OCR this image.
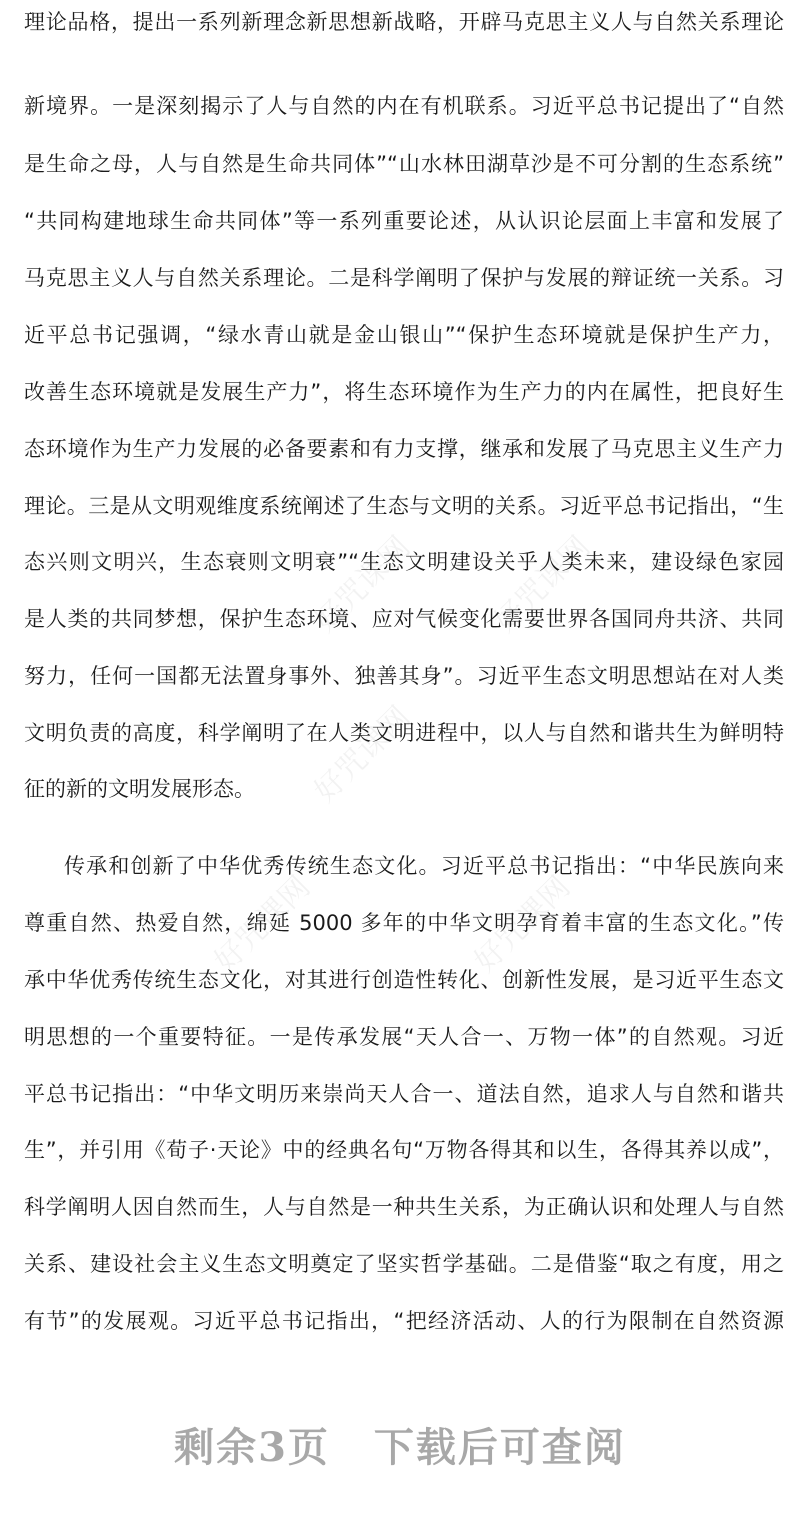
好咒课网 好咒课网
好咒课网
好咒课网	好咒课网
理论品格，提出一系列新理念新思想新战略，开辟马克思主义人与自然关系理论
新境界。一是深刻揭示了人与自然的内在有机联系。习近平总书记提出了“自然
是生命之母，人与自然是生命共同体”“山水林田湖草沙是不可分割的生态系统”
“共同构建地球生命共同体”等一系列重要论述，从认识论层面上丰富和发展了
马克思主义人与自然关系理论。二是科学阐明了保护与发展的辩证统一关系。习
近平总书记强调，“绿水青山就是金山银山”“保护生态环境就是保护生产力，
改善生态环境就是发展生产力”，将生态环境作为生产力的内在属性，把良好生
态环境作为生产力发展的必备要素和有力支撑，继承和发展了马克思主义生产力
理论。三是从文明观维度系统阐述了生态与文明的关系。习近平总书记指出，“生
态兴则文明兴，生态衰则文明衰”“生态文明建设关乎人类未来，建设绿色家园
是人类的共同梦想，保护生态环境、应对气候变化需要世界各国同舟共济、共同
努力，任何一国都无法置身事外、独善其身”。习近平生态文明思想站在对人类
文明负责的高度，科学阐明了在人类文明进程中，以人与自然和谐共生为鲜明特
征的新的文明发展形态。
传承和创新了中华优秀传统生态文化。习近平总书记指出：“中华民族向来
尊重自然、热爱自然，绵延 5000 多年的中华文明孕育着丰富的生态文化。”传
承中华优秀传统生态文化，对其进行创造性转化、创新性发展，是习近平生态文
明思想的一个重要特征。一是传承发展“天人合一、万物一体”的自然观。习近
平总书记指出：“中华文明历来崇尚天人合一、道法自然，追求人与自然和谐共
生”，并引用《荀子·天论》中的经典名句“万物各得其和以生，各得其养以成”，
科学阐明人因自然而生，人与自然是一种共生关系，为正确认识和处理人与自然
关系、建设社会主义生态文明奠定了坚实哲学基础。二是借鉴“取之有度，用之
有节”的发展观。习近平总书记指出，“把经济活动、人的行为限制在自然资源
剩余3页 下载后可查阅
